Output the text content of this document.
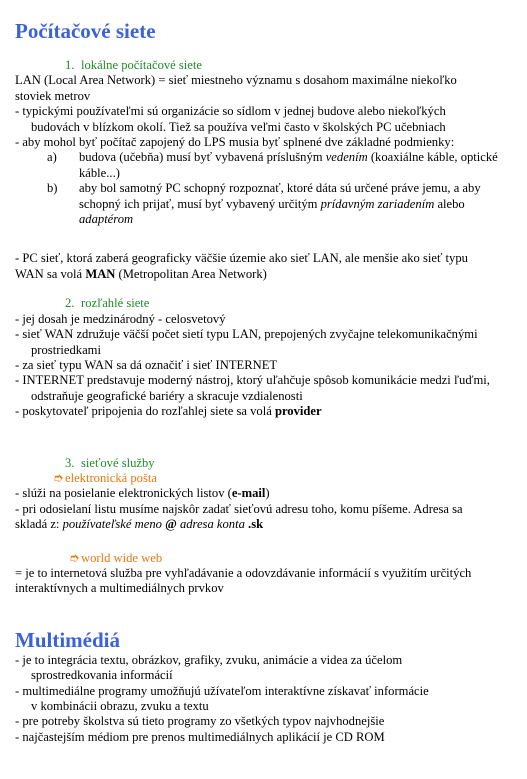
Počítačové siete
1. lokálne počítačové siete
LAN (Local Area Network) = sieť miestneho významu s dosahom maximálne niekoľko
stoviek metrov
- typickými používateľmi sú organizácie so sídlom v jednej budove alebo niekoľkých
budovách v blízkom okolí. Tiež sa používa veľmi často v školských PC učebniach
- aby mohol byť počítač zapojený do LPS musia byť splnené dve základné podmienky:
a)	budova (učebňa) musí byť vybavená príslušným vedením (koaxiálne káble, optické
káble...)
b)	aby bol samotný PC schopný rozpoznať, ktoré dáta sú určené práve jemu, a aby
schopný ich prijať, musí byť vybavený určitým prídavným zariadením alebo
adaptérom
- PC sieť, ktorá zaberá geograficky väčšie územie ako sieť LAN, ale menšie ako sieť typu
WAN sa volá MAN (Metropolitan Area Network)
2. rozľahlé siete
- jej dosah je medzinárodný - celosvetový
- sieť WAN združuje väčší počet sietí typu LAN, prepojených zvyčajne telekomunikačnými
prostriedkami
- za sieť typu WAN sa dá označiť i sieť INTERNET
- INTERNET predstavuje moderný nástroj, ktorý uľahčuje spôsob komunikácie medzi ľuďmi,
odstraňuje geografické bariéry a skracuje vzdialenosti
- poskytovateľ pripojenia do rozľahlej siete sa volá provider
3. sieťové služby
➮elektronická pošta
- slúži na posielanie elektronických listov (e-mail)
- pri odosielaní listu musíme najskôr zadať sieťovú adresu toho, komu píšeme. Adresa sa
skladá z: používateľské meno @ adresa konta .sk
➮world wide web
= je to internetová služba pre vyhľadávanie a odovzdávanie informácií s využitím určitých
interaktívnych a multimediálnych prvkov
Multimédiá
- je to integrácia textu, obrázkov, grafiky, zvuku, animácie a videa za účelom
sprostredkovania informácií
- multimediálne programy umožňujú užívateľom interaktívne získavať informácie
v kombinácii obrazu, zvuku a textu
- pre potreby školstva sú tieto programy zo všetkých typov najvhodnejšie
- najčastejším médiom pre prenos multimediálnych aplikácií je CD ROM
